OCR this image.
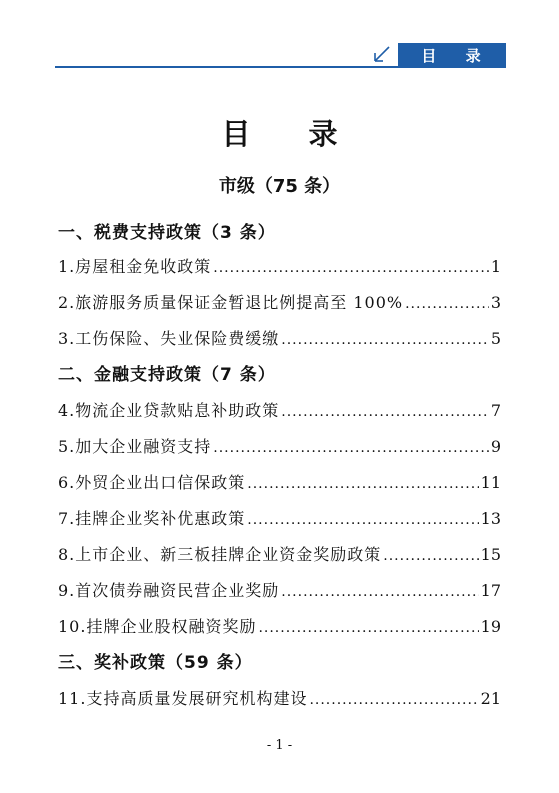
目 录
目 录
市级（75 条）
一、税费支持政策（3 条）
1.房屋租金免收政策 .....	1
2.旅游服务质量保证金暂退比例提高至 100% .....	3
3.工伤保险、失业保险费缓缴 .....	5
二、金融支持政策（7 条）
4.物流企业贷款贴息补助政策 .....	7
5.加大企业融资支持 .....	9
6.外贸企业出口信保政策 .....	11
7.挂牌企业奖补优惠政策 .....	13
8.上市企业、新三板挂牌企业资金奖励政策 .....	15
9.首次债券融资民营企业奖励 .....	17
10.挂牌企业股权融资奖励 .....	19
三、奖补政策（59 条）
11.支持高质量发展研究机构建设 .....	21
- 1 -
